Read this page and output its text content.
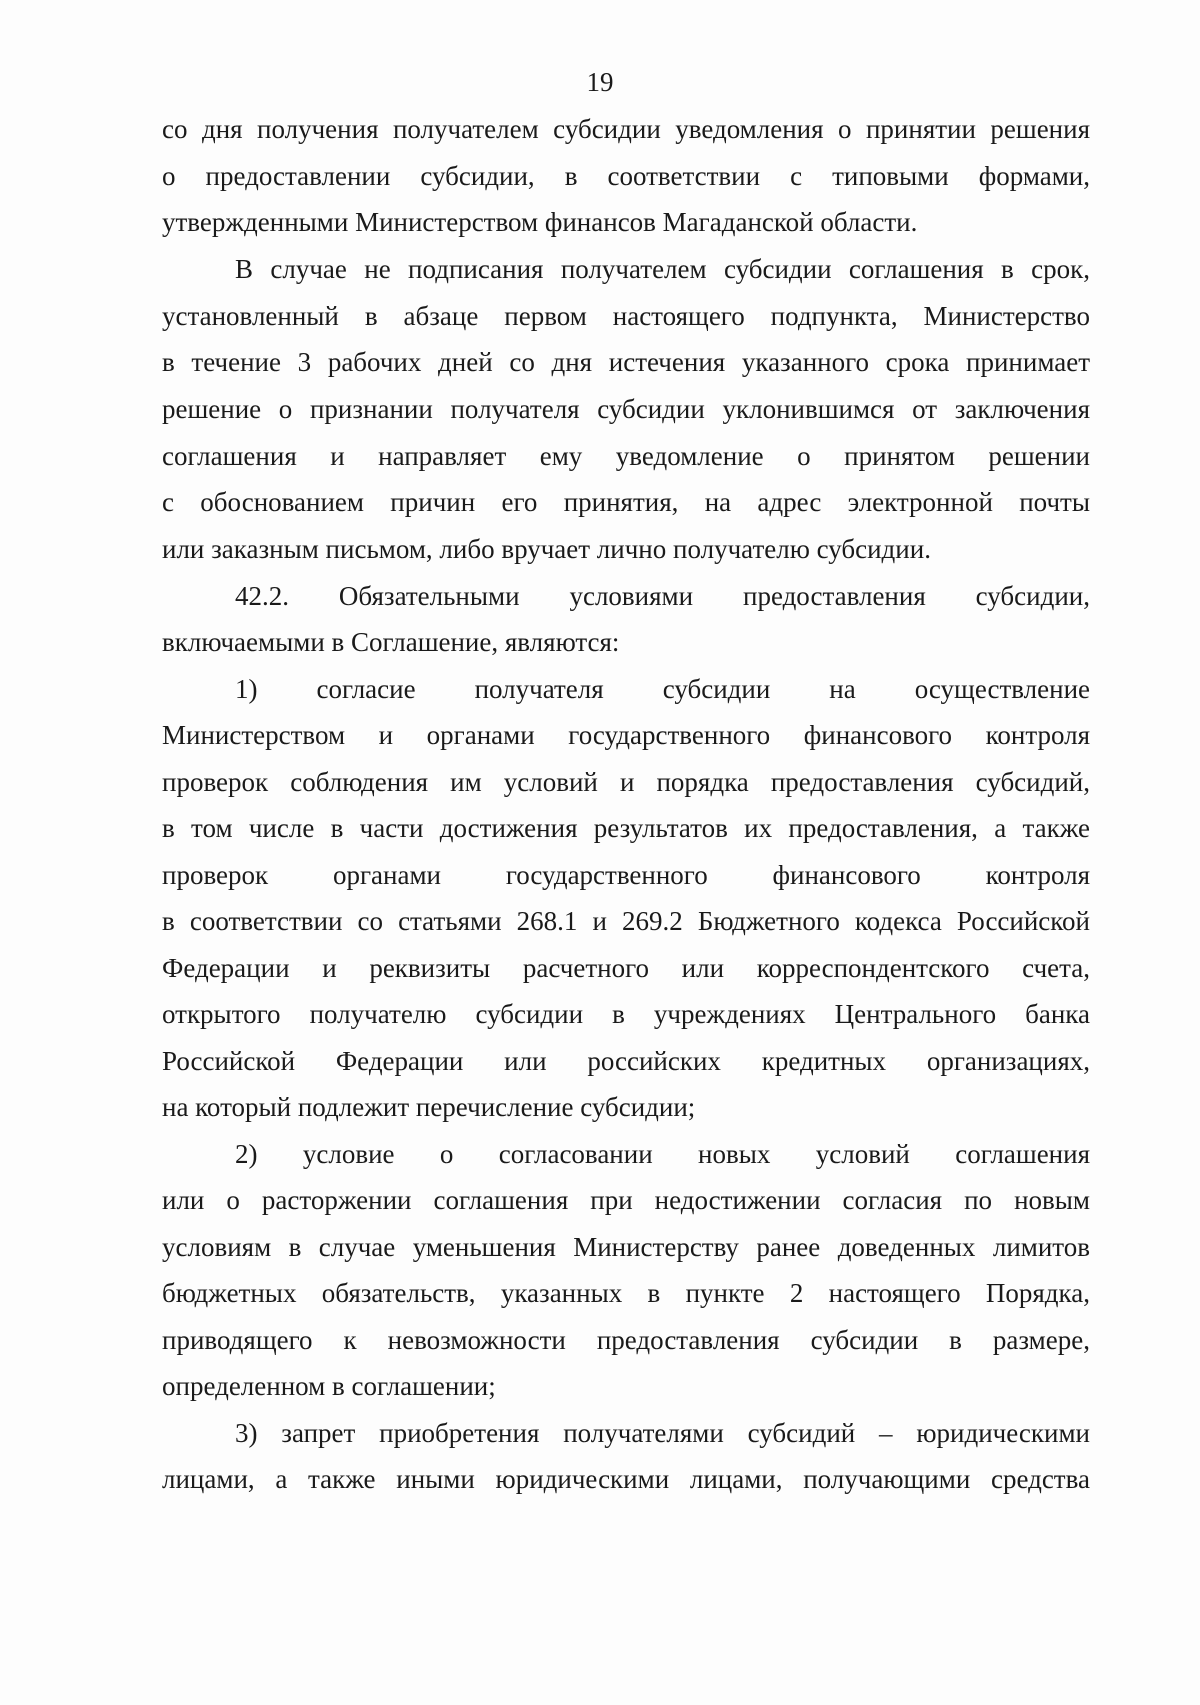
19
со дня получения получателем субсидии уведомления о принятии решения
о предоставлении субсидии, в соответствии с типовыми формами,
утвержденными Министерством финансов Магаданской области.
В случае не подписания получателем субсидии соглашения в срок,
установленный в абзаце первом настоящего подпункта, Министерство
в течение 3 рабочих дней со дня истечения указанного срока принимает
решение о признании получателя субсидии уклонившимся от заключения
соглашения и направляет ему уведомление о принятом решении
с обоснованием причин его принятия, на адрес электронной почты
или заказным письмом, либо вручает лично получателю субсидии.
42.2. Обязательными условиями предоставления субсидии,
включаемыми в Соглашение, являются:
1) согласие получателя субсидии на осуществление
Министерством и органами государственного финансового контроля
проверок соблюдения им условий и порядка предоставления субсидий,
в том числе в части достижения результатов их предоставления, а также
проверок органами государственного финансового контроля
в соответствии со статьями 268.1 и 269.2 Бюджетного кодекса Российской
Федерации и реквизиты расчетного или корреспондентского счета,
открытого получателю субсидии в учреждениях Центрального банка
Российской Федерации или российских кредитных организациях,
на который подлежит перечисление субсидии;
2) условие о согласовании новых условий соглашения
или о расторжении соглашения при недостижении согласия по новым
условиям в случае уменьшения Министерству ранее доведенных лимитов
бюджетных обязательств, указанных в пункте 2 настоящего Порядка,
приводящего к невозможности предоставления субсидии в размере,
определенном в соглашении;
3) запрет приобретения получателями субсидий – юридическими
лицами, а также иными юридическими лицами, получающими средства
